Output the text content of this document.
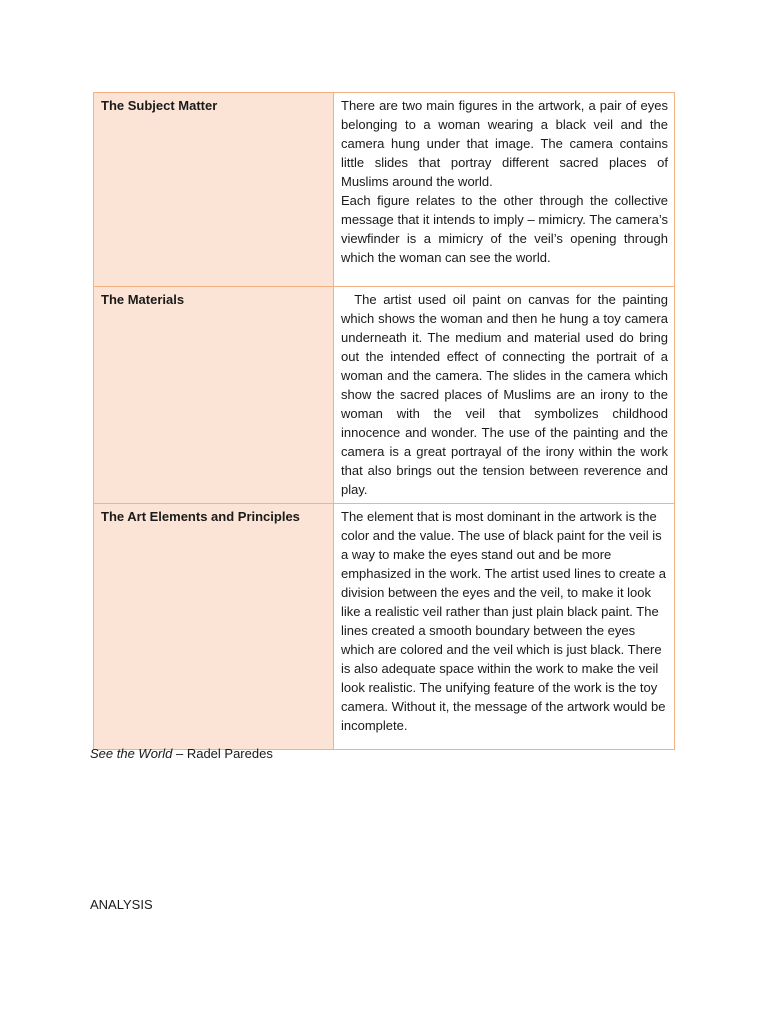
The Subject Matter	There are two main figures in the artwork, a pair of eyes belonging to a woman wearing a black veil and the camera hung under that image. The camera contains little slides that portray different sacred places of Muslims around the world.

Each figure relates to the other through the collective message that it intends to imply – mimicry. The camera’s viewfinder is a mimicry of the veil’s opening through which the woman can see the world.

The Materials	The artist used oil paint on canvas for the painting which shows the woman and then he hung a toy camera underneath it. The medium and material used do bring out the intended effect of connecting the portrait of a woman and the camera. The slides in the camera which show the sacred places of Muslims are an irony to the woman with the veil that symbolizes childhood innocence and wonder. The use of the painting and the camera is a great portrayal of the irony within the work that also brings out the tension between reverence and play.

The Art Elements and Principles	The element that is most dominant in the artwork is the color and the value. The use of black paint for the veil is a way to make the eyes stand out and be more emphasized in the work. The artist used lines to create a division between the eyes and the veil, to make it look like a realistic veil rather than just plain black paint. The lines created a smooth boundary between the eyes which are colored and the veil which is just black. There is also adequate space within the work to make the veil look realistic. The unifying feature of the work is the toy camera. Without it, the message of the artwork would be incomplete.

See the World – Radel Paredes

ANALYSIS
